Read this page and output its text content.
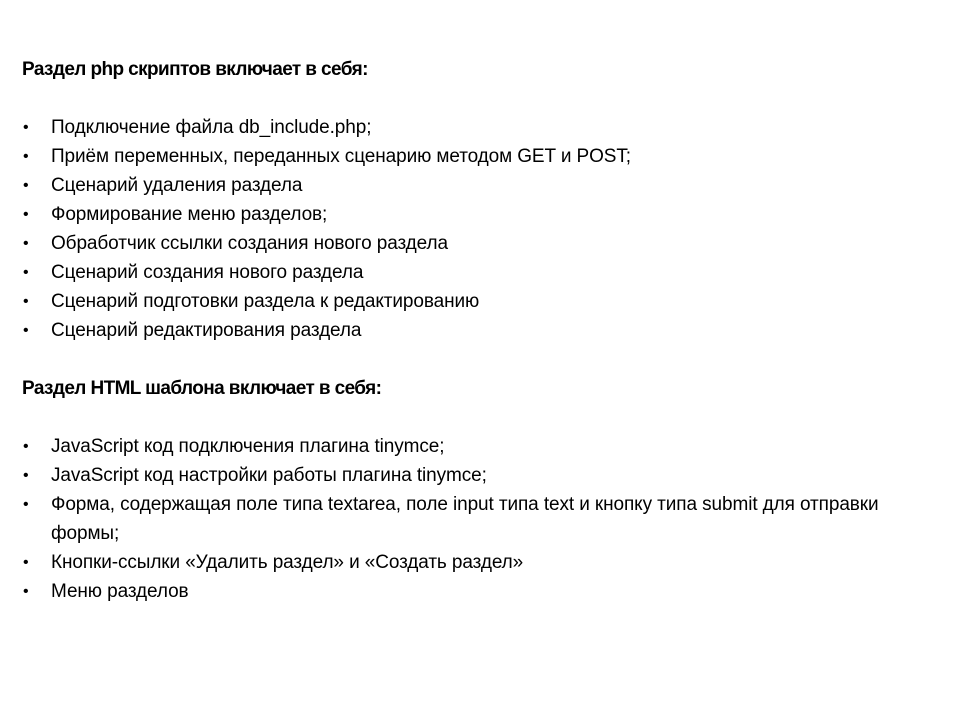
Раздел php скриптов включает в себя:

•	Подключение файла db_include.php;
•	Приём переменных, переданных сценарию методом GET и POST;
•	Сценарий удаления раздела
•	Формирование меню разделов;
•	Обработчик ссылки создания нового раздела
•	Сценарий создания нового раздела
•	Сценарий подготовки раздела к редактированию
•	Сценарий редактирования раздела

Раздел HTML шаблона включает в себя:

•	JavaScript код подключения плагина tinymce;
•	JavaScript код настройки работы плагина tinymce;
•	Форма, содержащая поле типа textarea, поле input типа text и кнопку типа submit для отправки формы;
•	Кнопки-ссылки «Удалить раздел» и «Создать раздел»
•	Меню разделов
